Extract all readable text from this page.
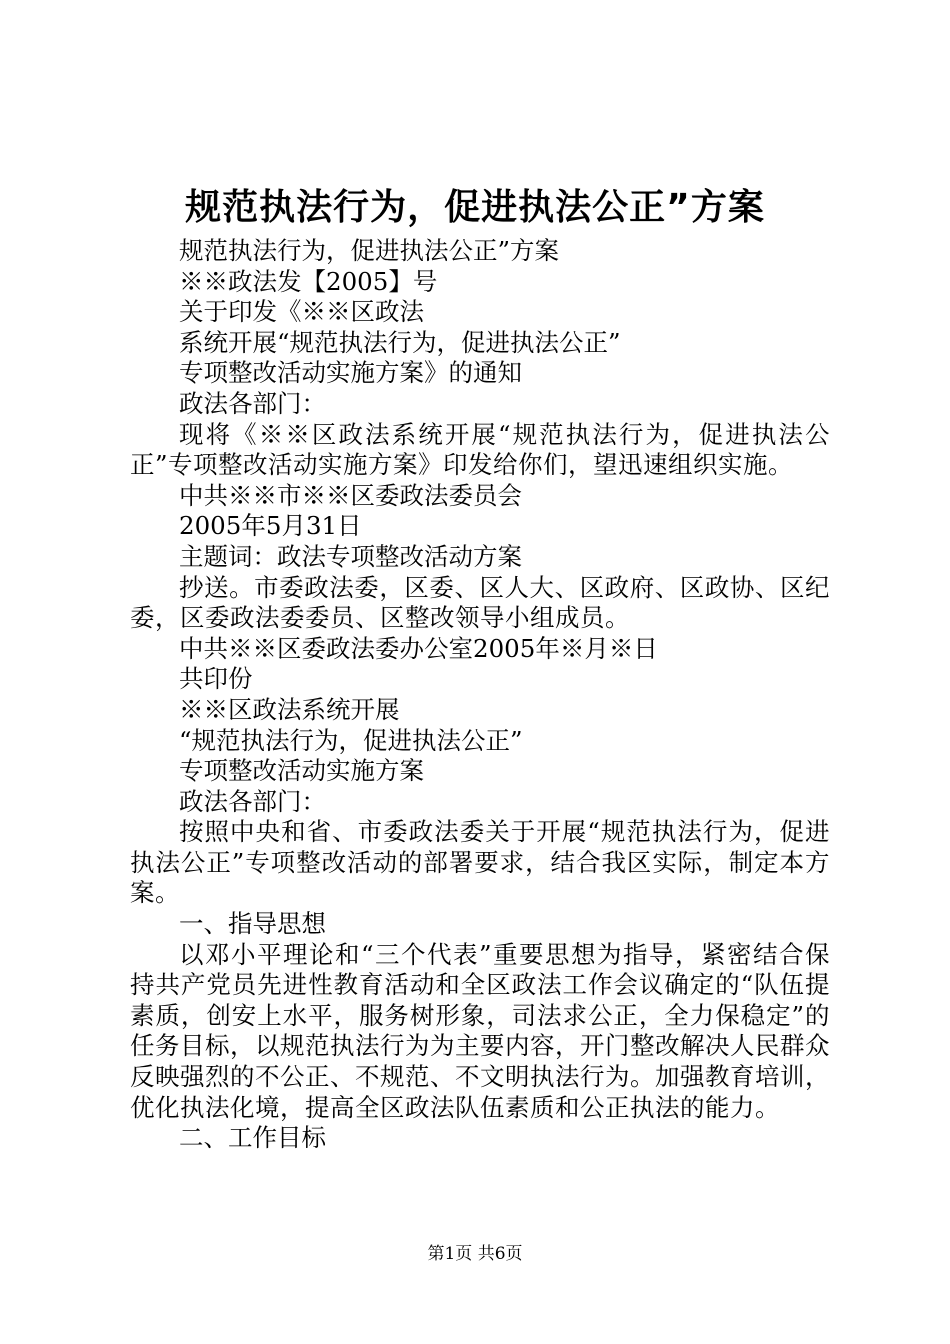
规范执法行为，促进执法公正”方案

规范执法行为，促进执法公正”方案

※※政法发【2005】号

关于印发《※※区政法

系统开展“规范执法行为，促进执法公正”

专项整改活动实施方案》的通知

政法各部门：

现将《※※区政法系统开展“规范执法行为，促进执法公正”专项整改活动实施方案》印发给你们，望迅速组织实施。

中共※※市※※区委政法委员会

2005年5月31日

主题词：政法专项整改活动方案

抄送。市委政法委，区委、区人大、区政府、区政协、区纪委，区委政法委委员、区整改领导小组成员。

中共※※区委政法委办公室2005年※月※日

共印份

※※区政法系统开展

“规范执法行为，促进执法公正”

专项整改活动实施方案

政法各部门：

按照中央和省、市委政法委关于开展“规范执法行为，促进执法公正”专项整改活动的部署要求，结合我区实际，制定本方案。

一、指导思想

以邓小平理论和“三个代表”重要思想为指导，紧密结合保持共产党员先进性教育活动和全区政法工作会议确定的“队伍提素质，创安上水平，服务树形象，司法求公正，全力保稳定”的任务目标，以规范执法行为为主要内容，开门整改解决人民群众反映强烈的不公正、不规范、不文明执法行为。加强教育培训，优化执法化境，提高全区政法队伍素质和公正执法的能力。

二、工作目标

第1页 共6页
